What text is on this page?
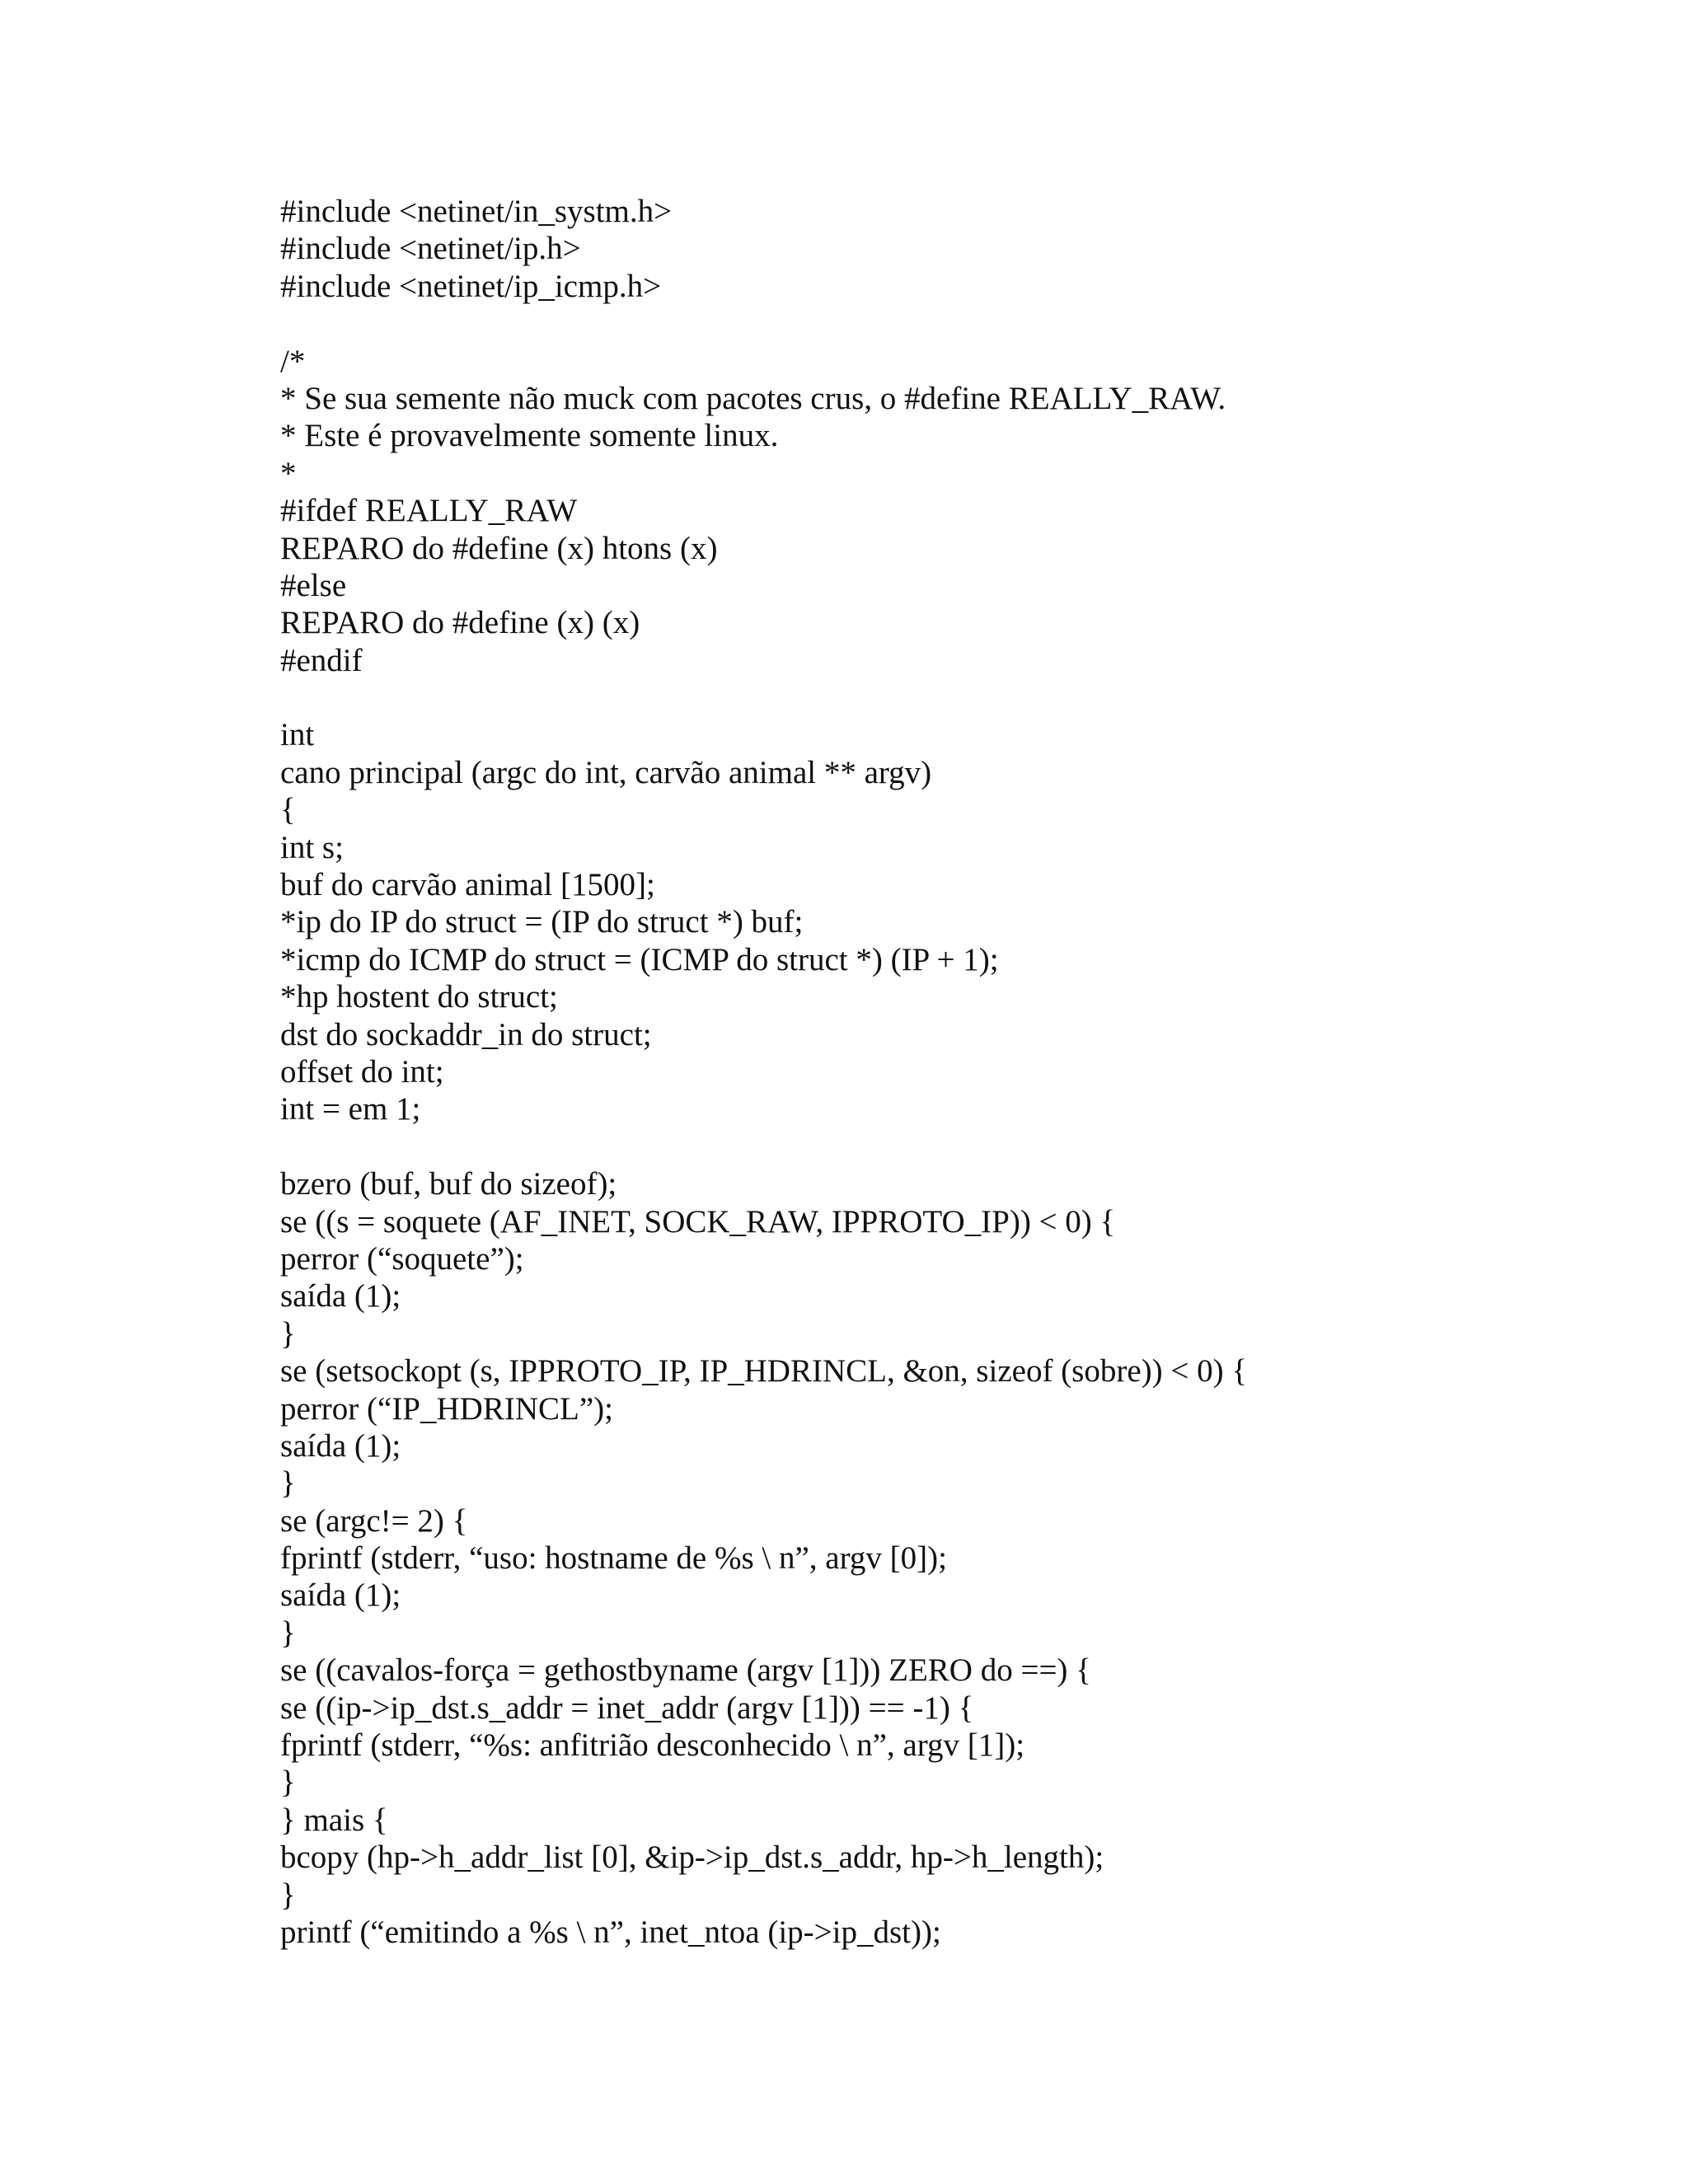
#include <netinet/in_systm.h>
#include <netinet/ip.h>
#include <netinet/ip_icmp.h>
/*
* Se sua semente não muck com pacotes crus, o #define REALLY_RAW.
* Este é provavelmente somente linux.
*
#ifdef REALLY_RAW
REPARO do #define (x) htons (x)
#else
REPARO do #define (x) (x)
#endif
int
cano principal (argc do int, carvão animal ** argv)
{
int s;
buf do carvão animal [1500];
*ip do IP do struct = (IP do struct *) buf;
*icmp do ICMP do struct = (ICMP do struct *) (IP + 1);
*hp hostent do struct;
dst do sockaddr_in do struct;
offset do int;
int = em 1;
bzero (buf, buf do sizeof);
se ((s = soquete (AF_INET, SOCK_RAW, IPPROTO_IP)) < 0) {
perror (“soquete”);
saída (1);
}
se (setsockopt (s, IPPROTO_IP, IP_HDRINCL, &on, sizeof (sobre)) < 0) {
perror (“IP_HDRINCL”);
saída (1);
}
se (argc!= 2) {
fprintf (stderr, “uso: hostname de %s \ n”, argv [0]);
saída (1);
}
se ((cavalos-força = gethostbyname (argv [1])) ZERO do ==) {
se ((ip->ip_dst.s_addr = inet_addr (argv [1])) == -1) {
fprintf (stderr, “%s: anfitrião desconhecido \ n”, argv [1]);
}
} mais {
bcopy (hp->h_addr_list [0], &ip->ip_dst.s_addr, hp->h_length);
}
printf (“emitindo a %s \ n”, inet_ntoa (ip->ip_dst));
